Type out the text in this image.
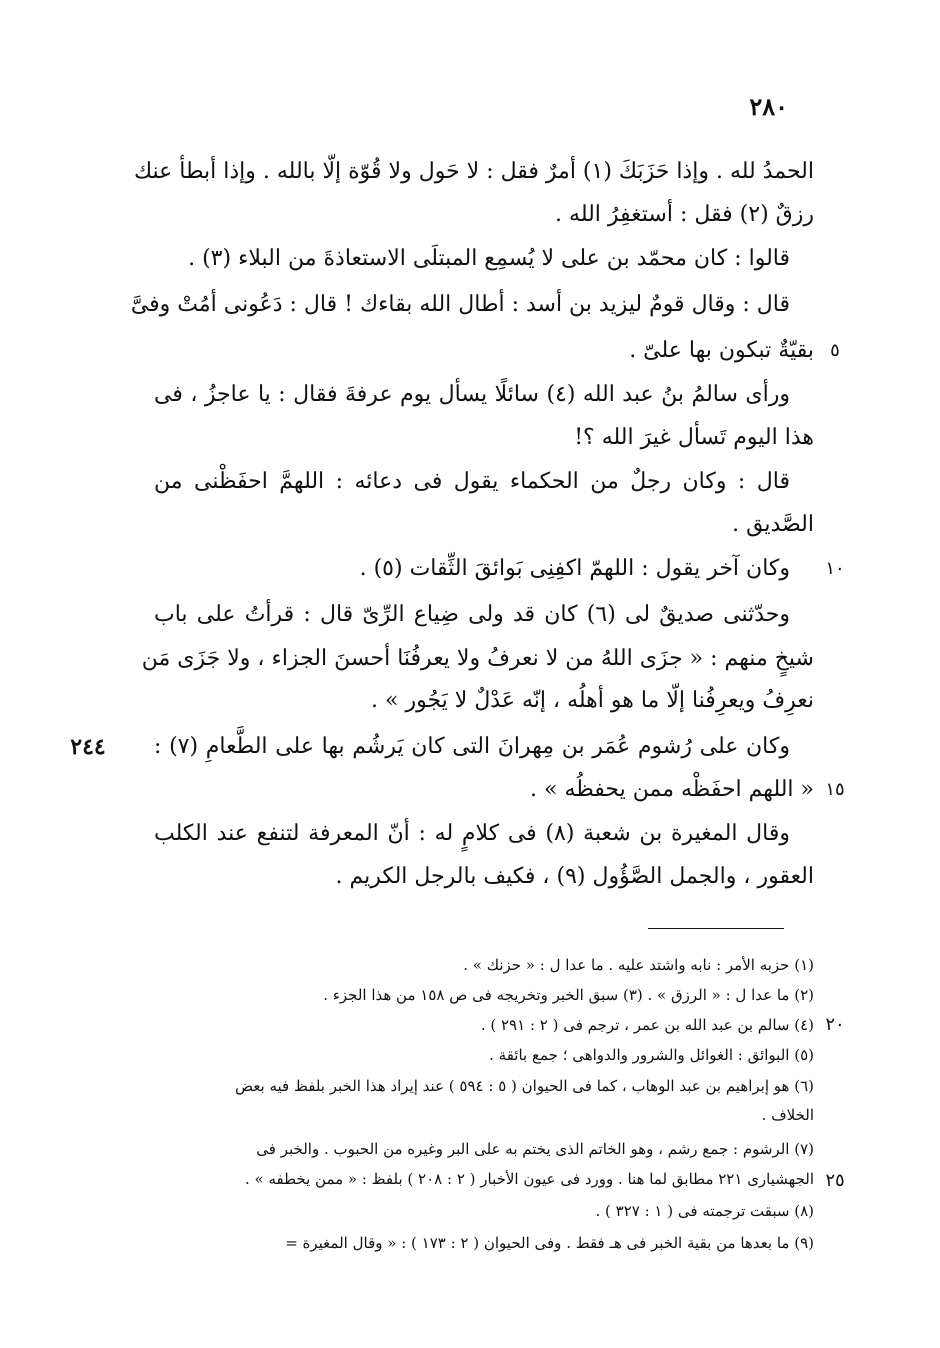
٢٨٠
الحمدُ لله . وإذا حَزَبَكَ (١) أمرٌ فقل : لا حَول ولا قُوّة إلّا بالله . وإذا أبطأ عنك
رزقٌ (٢) فقل : أستغفِرُ الله .
قالوا : كان محمّد بن على لا يُسمِع المبتلَى الاستعاذةَ من البلاء (٣) .
قال : وقال قومٌ ليزيد بن أسد : أطال الله بقاءك ! قال : دَعُونى أمُتْ وفىَّ
بقيّةٌ تبكون بها علىّ .
ورأى سالمُ بنُ عبد الله (٤) سائلًا يسأل يوم عرفةَ فقال : يا عاجزُ ، فى
هذا اليوم تَسأل غيرَ الله ؟!
قال : وكان رجلٌ من الحكماء يقول فى دعائه : اللهمَّ احفَظْنى من
الصَّديق .
وكان آخر يقول : اللهمّ اكفِنِى بَوائقَ الثِّقات (٥) .
وحدّثنى صديقٌ لى (٦) كان قد ولى ضِياع الرِّىّ قال : قرأتُ على باب
شيخٍ منهم : « جزَى اللهُ من لا نعرفُ ولا يعرفُنَا أحسنَ الجزاء ، ولا جَزَى مَن
نعرِفُ ويعرِفُنا إلّا ما هو أهلُه ، إنّه عَدْلٌ لا يَجُور » .
وكان على رُشوم عُمَر بن مِهرانَ التى كان يَرشُم بها على الطَّعامِ (٧) :
« اللهم احفَظْه ممن يحفظُه » .
وقال المغيرة بن شعبة (٨) فى كلامٍ له : أنّ المعرفة لتنفع عند الكلب
العقور ، والجمل الصَّؤُول (٩) ، فكيف بالرجل الكريم .
٥
١٠
١٥
٢٠
٢٥
٢٤٤
(١) حزبه الأمر : نابه واشتد عليه . ما عدا ل : « حزنك » .
(٢) ما عدا ل : « الرزق » . (٣) سبق الخبر وتخريجه فى ص ١٥٨ من هذا الجزء .
(٤) سالم بن عبد الله بن عمر ، ترجم فى ( ٢ : ٢٩١ ) .
(٥) البوائق : الغوائل والشرور والدواهى ؛ جمع بائقة .
(٦) هو إبراهيم بن عبد الوهاب ، كما فى الحيوان ( ٥ : ٥٩٤ ) عند إيراد هذا الخبر بلفظ فيه بعض
الخلاف .
(٧) الرشوم : جمع رشم ، وهو الخاتم الذى يختم به على البر وغيره من الحبوب . والخبر فى
الجهشيارى ٢٢١ مطابق لما هنا . وورد فى عيون الأخبار ( ٢ : ٢٠٨ ) بلفظ : « ممن يخطفه » .
(٨) سبقت ترجمته فى ( ١ : ٣٢٧ ) .
(٩) ما بعدها من بقية الخبر فى هـ فقط . وفى الحيوان ( ٢ : ١٧٣ ) : « وقال المغيرة =
